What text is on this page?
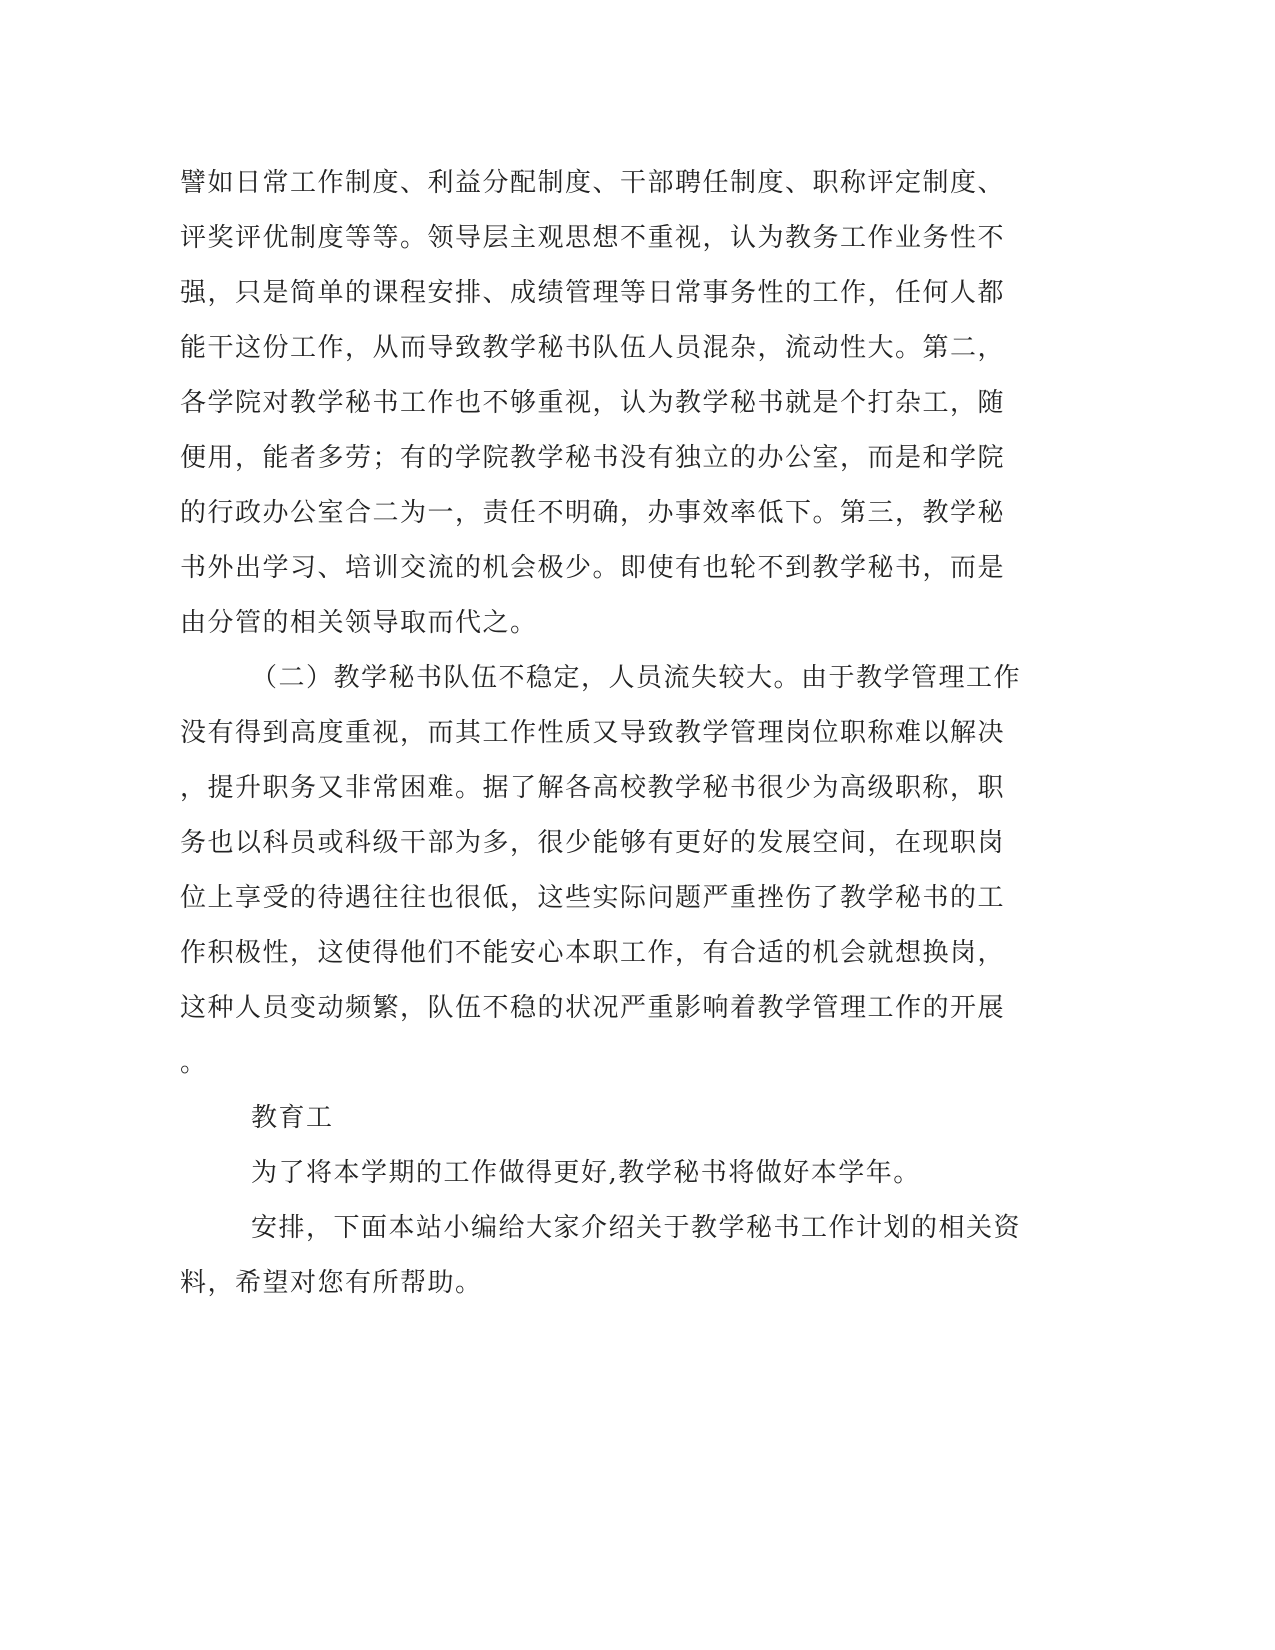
譬如日常工作制度、利益分配制度、干部聘任制度、职称评定制度、
评奖评优制度等等。领导层主观思想不重视，认为教务工作业务性不
强，只是简单的课程安排、成绩管理等日常事务性的工作，任何人都
能干这份工作，从而导致教学秘书队伍人员混杂，流动性大。第二，
各学院对教学秘书工作也不够重视，认为教学秘书就是个打杂工，随
便用，能者多劳；有的学院教学秘书没有独立的办公室，而是和学院
的行政办公室合二为一，责任不明确，办事效率低下。第三，教学秘
书外出学习、培训交流的机会极少。即使有也轮不到教学秘书，而是
由分管的相关领导取而代之。
（二）教学秘书队伍不稳定，人员流失较大。由于教学管理工作
没有得到高度重视，而其工作性质又导致教学管理岗位职称难以解决
，提升职务又非常困难。据了解各高校教学秘书很少为高级职称，职
务也以科员或科级干部为多，很少能够有更好的发展空间，在现职岗
位上享受的待遇往往也很低，这些实际问题严重挫伤了教学秘书的工
作积极性，这使得他们不能安心本职工作，有合适的机会就想换岗，
这种人员变动频繁，队伍不稳的状况严重影响着教学管理工作的开展
。
教育工
为了将本学期的工作做得更好,教学秘书将做好本学年。
安排，下面本站小编给大家介绍关于教学秘书工作计划的相关资
料，希望对您有所帮助。
